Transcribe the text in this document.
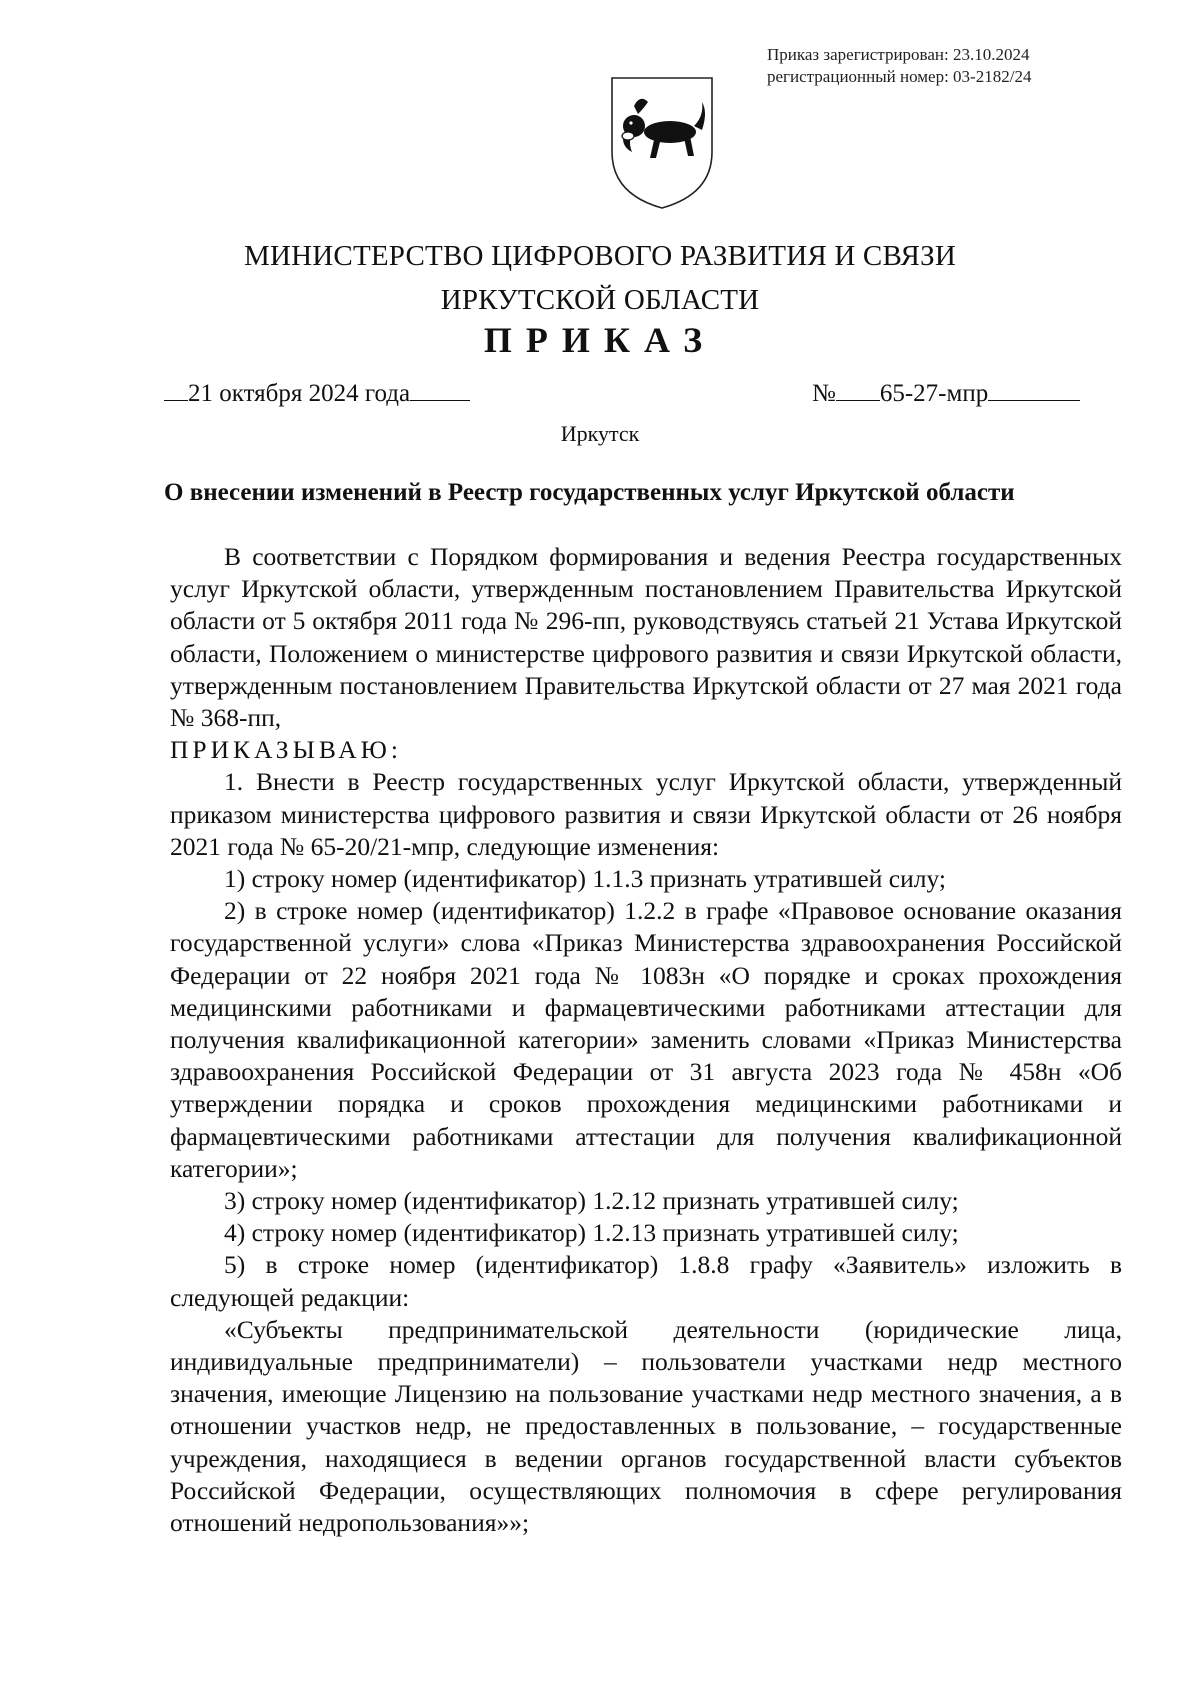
Приказ зарегистрирован: 23.10.2024
регистрационный номер: 03-2182/24
МИНИСТЕРСТВО ЦИФРОВОГО РАЗВИТИЯ И СВЯЗИ
ИРКУТСКОЙ ОБЛАСТИ
ПРИКАЗ
21 октября 2024 года	№ 65-27-мпр
Иркутск
О внесении изменений в Реестр государственных услуг Иркутской области

В соответствии с Порядком формирования и ведения Реестра государственных услуг Иркутской области, утвержденным постановлением Правительства Иркутской области от 5 октября 2011 года № 296-пп, руководствуясь статьей 21 Устава Иркутской области, Положением о министерстве цифрового развития и связи Иркутской области, утвержденным постановлением Правительства Иркутской области от 27 мая 2021 года № 368-пп,

ПРИКАЗЫВАЮ:

1. Внести в Реестр государственных услуг Иркутской области, утвержденный приказом министерства цифрового развития и связи Иркутской области от 26 ноября 2021 года № 65-20/21-мпр, следующие изменения:

1) строку номер (идентификатор) 1.1.3 признать утратившей силу;

2) в строке номер (идентификатор) 1.2.2 в графе «Правовое основание оказания государственной услуги» слова «Приказ Министерства здравоохранения Российской Федерации от 22 ноября 2021 года № 1083н «О порядке и сроках прохождения медицинскими работниками и фармацевтическими работниками аттестации для получения квалификационной категории» заменить словами «Приказ Министерства здравоохранения Российской Федерации от 31 августа 2023 года № 458н «Об утверждении порядка и сроков прохождения медицинскими работниками и фармацевтическими работниками аттестации для получения квалификационной категории»;

3) строку номер (идентификатор) 1.2.12 признать утратившей силу;

4) строку номер (идентификатор) 1.2.13 признать утратившей силу;

5) в строке номер (идентификатор) 1.8.8 графу «Заявитель» изложить в следующей редакции:

«Субъекты предпринимательской деятельности (юридические лица, индивидуальные предприниматели) – пользователи участками недр местного значения, имеющие Лицензию на пользование участками недр местного значения, а в отношении участков недр, не предоставленных в пользование, – государственные учреждения, находящиеся в ведении органов государственной власти субъектов Российской Федерации, осуществляющих полномочия в сфере регулирования отношений недропользования»»;
